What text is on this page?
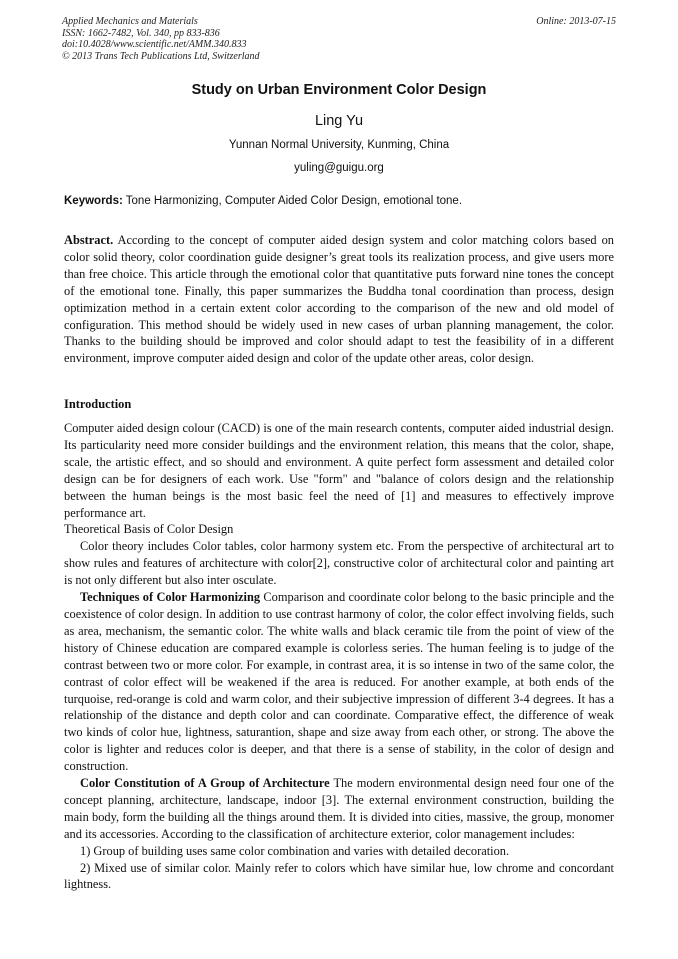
Applied Mechanics and Materials
ISSN: 1662-7482, Vol. 340, pp 833-836
doi:10.4028/www.scientific.net/AMM.340.833
© 2013 Trans Tech Publications Ltd, Switzerland
Online: 2013-07-15
Study on Urban Environment Color Design
Ling Yu
Yunnan Normal University, Kunming, China
yuling@guigu.org
Keywords: Tone Harmonizing, Computer Aided Color Design, emotional tone.
Abstract. According to the concept of computer aided design system and color matching colors based on color solid theory, color coordination guide designer’s great tools its realization process, and give users more than free choice. This article through the emotional color that quantitative puts forward nine tones the concept of the emotional tone. Finally, this paper summarizes the Buddha tonal coordination than process, design optimization method in a certain extent color according to the comparison of the new and old model of configuration. This method should be widely used in new cases of urban planning management, the color. Thanks to the building should be improved and color should adapt to test the feasibility of in a different environment, improve computer aided design and color of the update other areas, color design.
Introduction

Computer aided design colour (CACD) is one of the main research contents, computer aided industrial design. Its particularity need more consider buildings and the environment relation, this means that the color, shape, scale, the artistic effect, and so should and environment. A quite perfect form assessment and detailed color design can be for designers of each work. Use "form" and "balance of colors design and the relationship between the human beings is the most basic feel the need of [1] and measures to effectively improve performance art.

Theoretical Basis of Color Design

Color theory includes Color tables, color harmony system etc. From the perspective of architectural art to show rules and features of architecture with color[2], constructive color of architectural color and painting art is not only different but also inter osculate.

Techniques of Color Harmonizing Comparison and coordinate color belong to the basic principle and the coexistence of color design. In addition to use contrast harmony of color, the color effect involving fields, such as area, mechanism, the semantic color. The white walls and black ceramic tile from the point of view of the history of Chinese education are compared example is colorless series. The human feeling is to judge of the contrast between two or more color. For example, in contrast area, it is so intense in two of the same color, the contrast of color effect will be weakened if the area is reduced. For another example, at both ends of the turquoise, red-orange is cold and warm color, and their subjective impression of different 3-4 degrees. It has a relationship of the distance and depth color and can coordinate. Comparative effect, the difference of weak two kinds of color hue, lightness, saturantion, shape and size away from each other, or strong. The above the color is lighter and reduces color is deeper, and that there is a sense of stability, in the color of design and construction.

Color Constitution of A Group of Architecture The modern environmental design need four one of the concept planning, architecture, landscape, indoor [3]. The external environment construction, building the main body, form the building all the things around them. It is divided into cities, massive, the group, monomer and its accessories. According to the classification of architecture exterior, color management includes:

1) Group of building uses same color combination and varies with detailed decoration.

2) Mixed use of similar color. Mainly refer to colors which have similar hue, low chrome and concordant lightness.
